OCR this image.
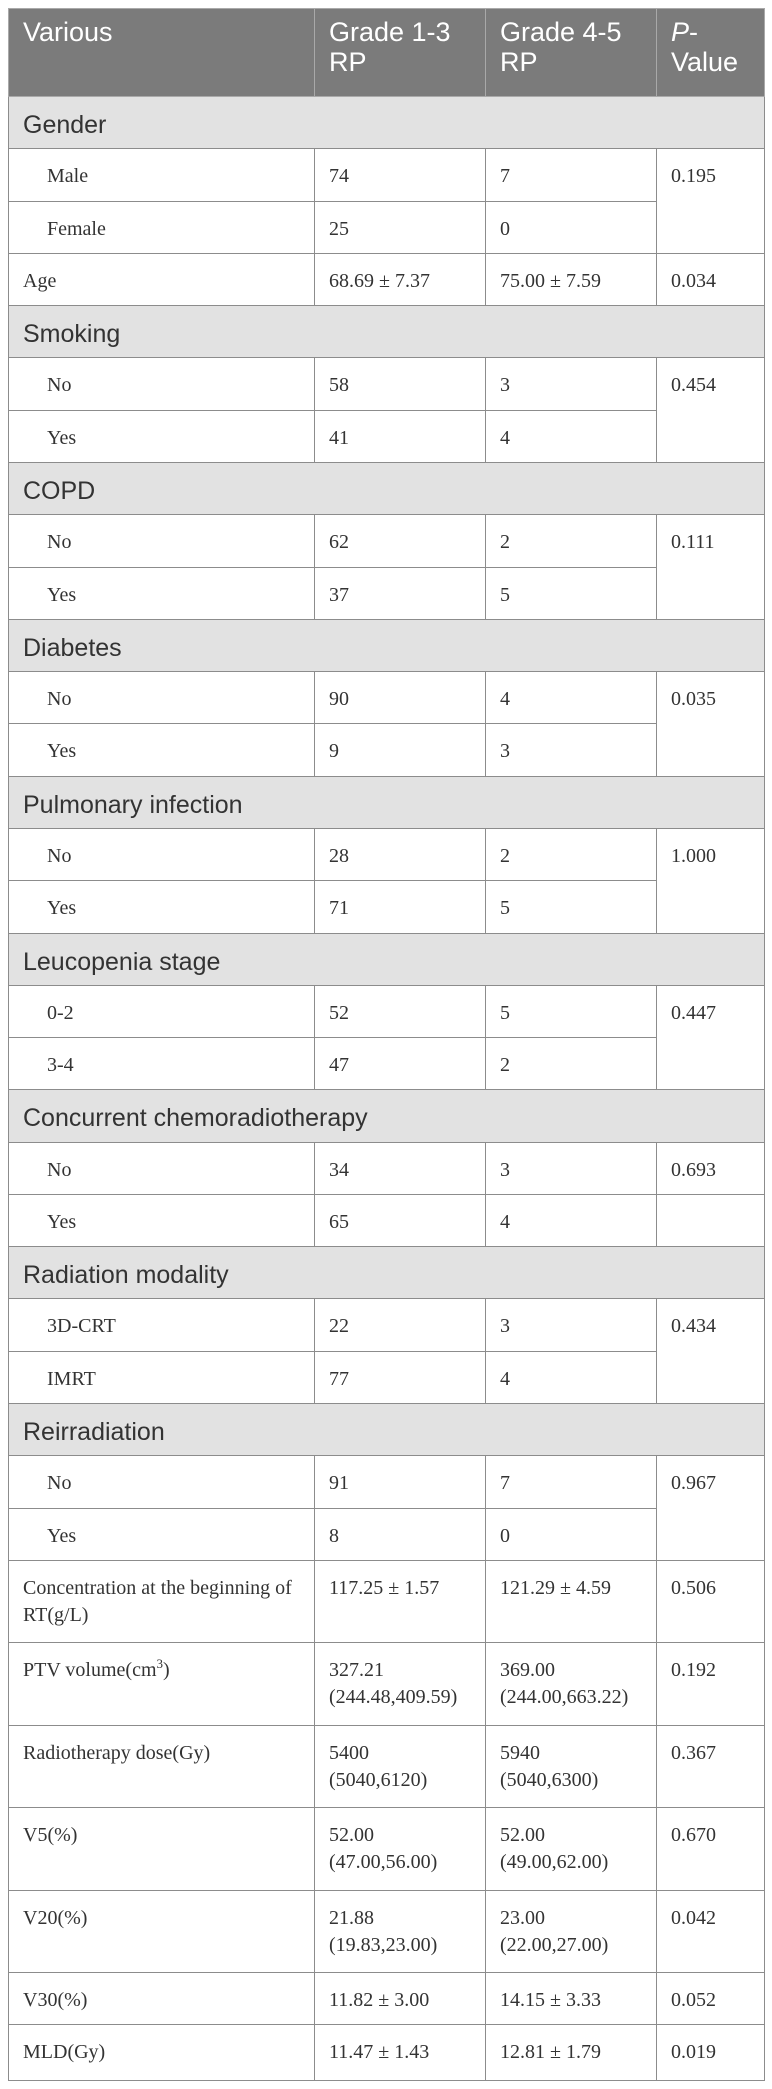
Various	Grade 1-3 RP	Grade 4-5 RP	P-Value
Gender			
Male	74	7	0.195
Female	25	0	
Age	68.69 ± 7.37	75.00 ± 7.59	0.034
Smoking			
No	58	3	0.454
Yes	41	4	
COPD			
No	62	2	0.111
Yes	37	5	
Diabetes			
No	90	4	0.035
Yes	9	3	
Pulmonary infection			
No	28	2	1.000
Yes	71	5	
Leucopenia stage			
0-2	52	5	0.447
3-4	47	2	
Concurrent chemoradiotherapy			
No	34	3	0.693
Yes	65	4	
Radiation modality			
3D-CRT	22	3	0.434
IMRT	77	4	
Reirradiation			
No	91	7	0.967
Yes	8	0	
Concentration at the beginning of RT(g/L)	117.25 ± 1.57	121.29 ± 4.59	0.506
PTV $volume(cm^3)$	327.21 (244.48,409.59)	369.00 (244.00,663.22)	0.192
Radiotherapy dose(Gy)	5400 (5040,6120)	5940 (5040,6300)	0.367
V5(%)	52.00 (47.00,56.00)	52.00 (49.00,62.00)	0.670
V20(%)	21.88 (19.83,23.00)	23.00 (22.00,27.00)	0.042
V30(%)	11.82 ± 3.00	14.15 ± 3.33	0.052
MLD(Gy)	11.47 ± 1.43	12.81 ± 1.79	0.019
